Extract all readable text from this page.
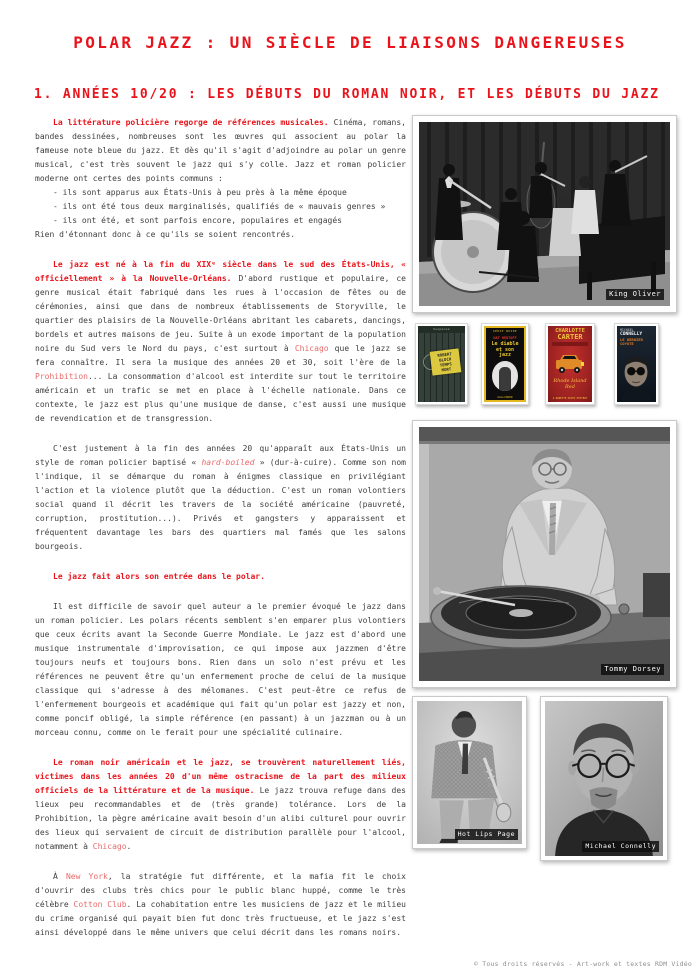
POLAR JAZZ : UN SIÈCLE DE LIAISONS DANGEREUSES
1. ANNÉES 10/20 : LES DÉBUTS DU ROMAN NOIR, ET LES DÉBUTS DU JAZZ

La littérature policière regorge de références musicales. Cinéma, romans, bandes dessinées, nombreuses sont les œuvres qui associent au polar la fameuse note bleue du jazz. Et dès qu'il s'agit d'adjoindre au polar un genre musical, c'est très souvent le jazz qui s'y colle. Jazz et roman policier moderne ont certes des points communs :

- ils sont apparus aux États-Unis à peu près à la même époque
- ils ont été tous deux marginalisés, qualifiés de « mauvais genres »
- ils ont été, et sont parfois encore, populaires et engagés
Rien d'étonnant donc à ce qu'ils se soient rencontrés.

Le jazz est né à la fin du XIXᵉ siècle dans le sud des États-Unis, « officiellement » à la Nouvelle-Orléans. D'abord rustique et populaire, ce genre musical était fabriqué dans les rues à l'occasion de fêtes ou de cérémonies, ainsi que dans de nombreux établissements de Storyville, le quartier des plaisirs de la Nouvelle-Orléans abritant les cabarets, dancings, bordels et autres maisons de jeu. Suite à un exode important de la population noire du Sud vers le Nord du pays, c'est surtout à Chicago que le jazz se fera connaître. Il sera la musique des années 20 et 30, soit l'ère de la Prohibition... La consommation d'alcool est interdite sur tout le territoire américain et un trafic se met en place à l'échelle nationale. Dans ce contexte, le jazz est plus qu'une musique de danse, c'est aussi une musique de revendication et de transgression.

C'est justement à la fin des années 20 qu'apparaît aux États-Unis un style de roman policier baptisé « hard-boiled » (dur-à-cuire). Comme son nom l'indique, il se démarque du roman à énigmes classique en privilégiant l'action et la violence plutôt que la déduction. C'est un roman volontiers social quand il décrit les travers de la société américaine (pauvreté, corruption, prostitution...). Privés et gangsters y apparaissent et fréquentent davantage les bars des quartiers mal famés que les salons bourgeois.

Le jazz fait alors son entrée dans le polar.

Il est difficile de savoir quel auteur a le premier évoqué le jazz dans un roman policier. Les polars récents semblent s'en emparer plus volontiers que ceux écrits avant la Seconde Guerre Mondiale. Le jazz est d'abord une musique instrumentale d'improvisation, ce qui impose aux jazzmen d'être toujours neufs et toujours bons. Rien dans un solo n'est prévu et les références ne peuvent être qu'un enfermement proche de celui de la musique classique qui s'adresse à des mélomanes. C'est peut-être ce refus de l'enfermement bourgeois et académique qui fait qu'un polar est jazzy et non, comme poncif obligé, la simple référence (en passant) à un jazzman ou à un morceau connu, comme on le ferait pour une spécialité culinaire.

Le roman noir américain et le jazz, se trouvèrent naturellement liés, victimes dans les années 20 d'un même ostracisme de la part des milieux officiels de la littérature et de la musique. Le jazz trouva refuge dans des lieux peu recommandables et de (très grande) tolérance. Lors de la Prohibition, la pègre américaine avait besoin d'un alibi culturel pour ouvrir des lieux qui servaient de circuit de distribution parallèle pour l'alcool, notamment à Chicago.

À New York, la stratégie fut différente, et la mafia fit le choix d'ouvrir des clubs très chics pour le public blanc huppé, comme le très célèbre Cotton Club. La cohabitation entre les musiciens de jazz et le milieu du crime organisé qui payait bien fut donc très fructueuse, et le jazz s'est ainsi développé dans le même univers que celui décrit dans les romans noirs.

King Oliver
Suspense
ROBERT
BLOCH
TEMPS
MORT
SÉRIE NOIRE
NAT HENTOFF
Le diable et son jazz
GALLIMARD
CHARLOTTE
CARTER
Rhode Island
Red
A NANETTE HAYES MYSTERY
MICHAEL
CONNELLY
LE DERNIER
COYOTE
Tommy Dorsey
Hot Lips Page
Michael Connelly
© Tous droits réservés - Art-work et textes RDM Vidéo
